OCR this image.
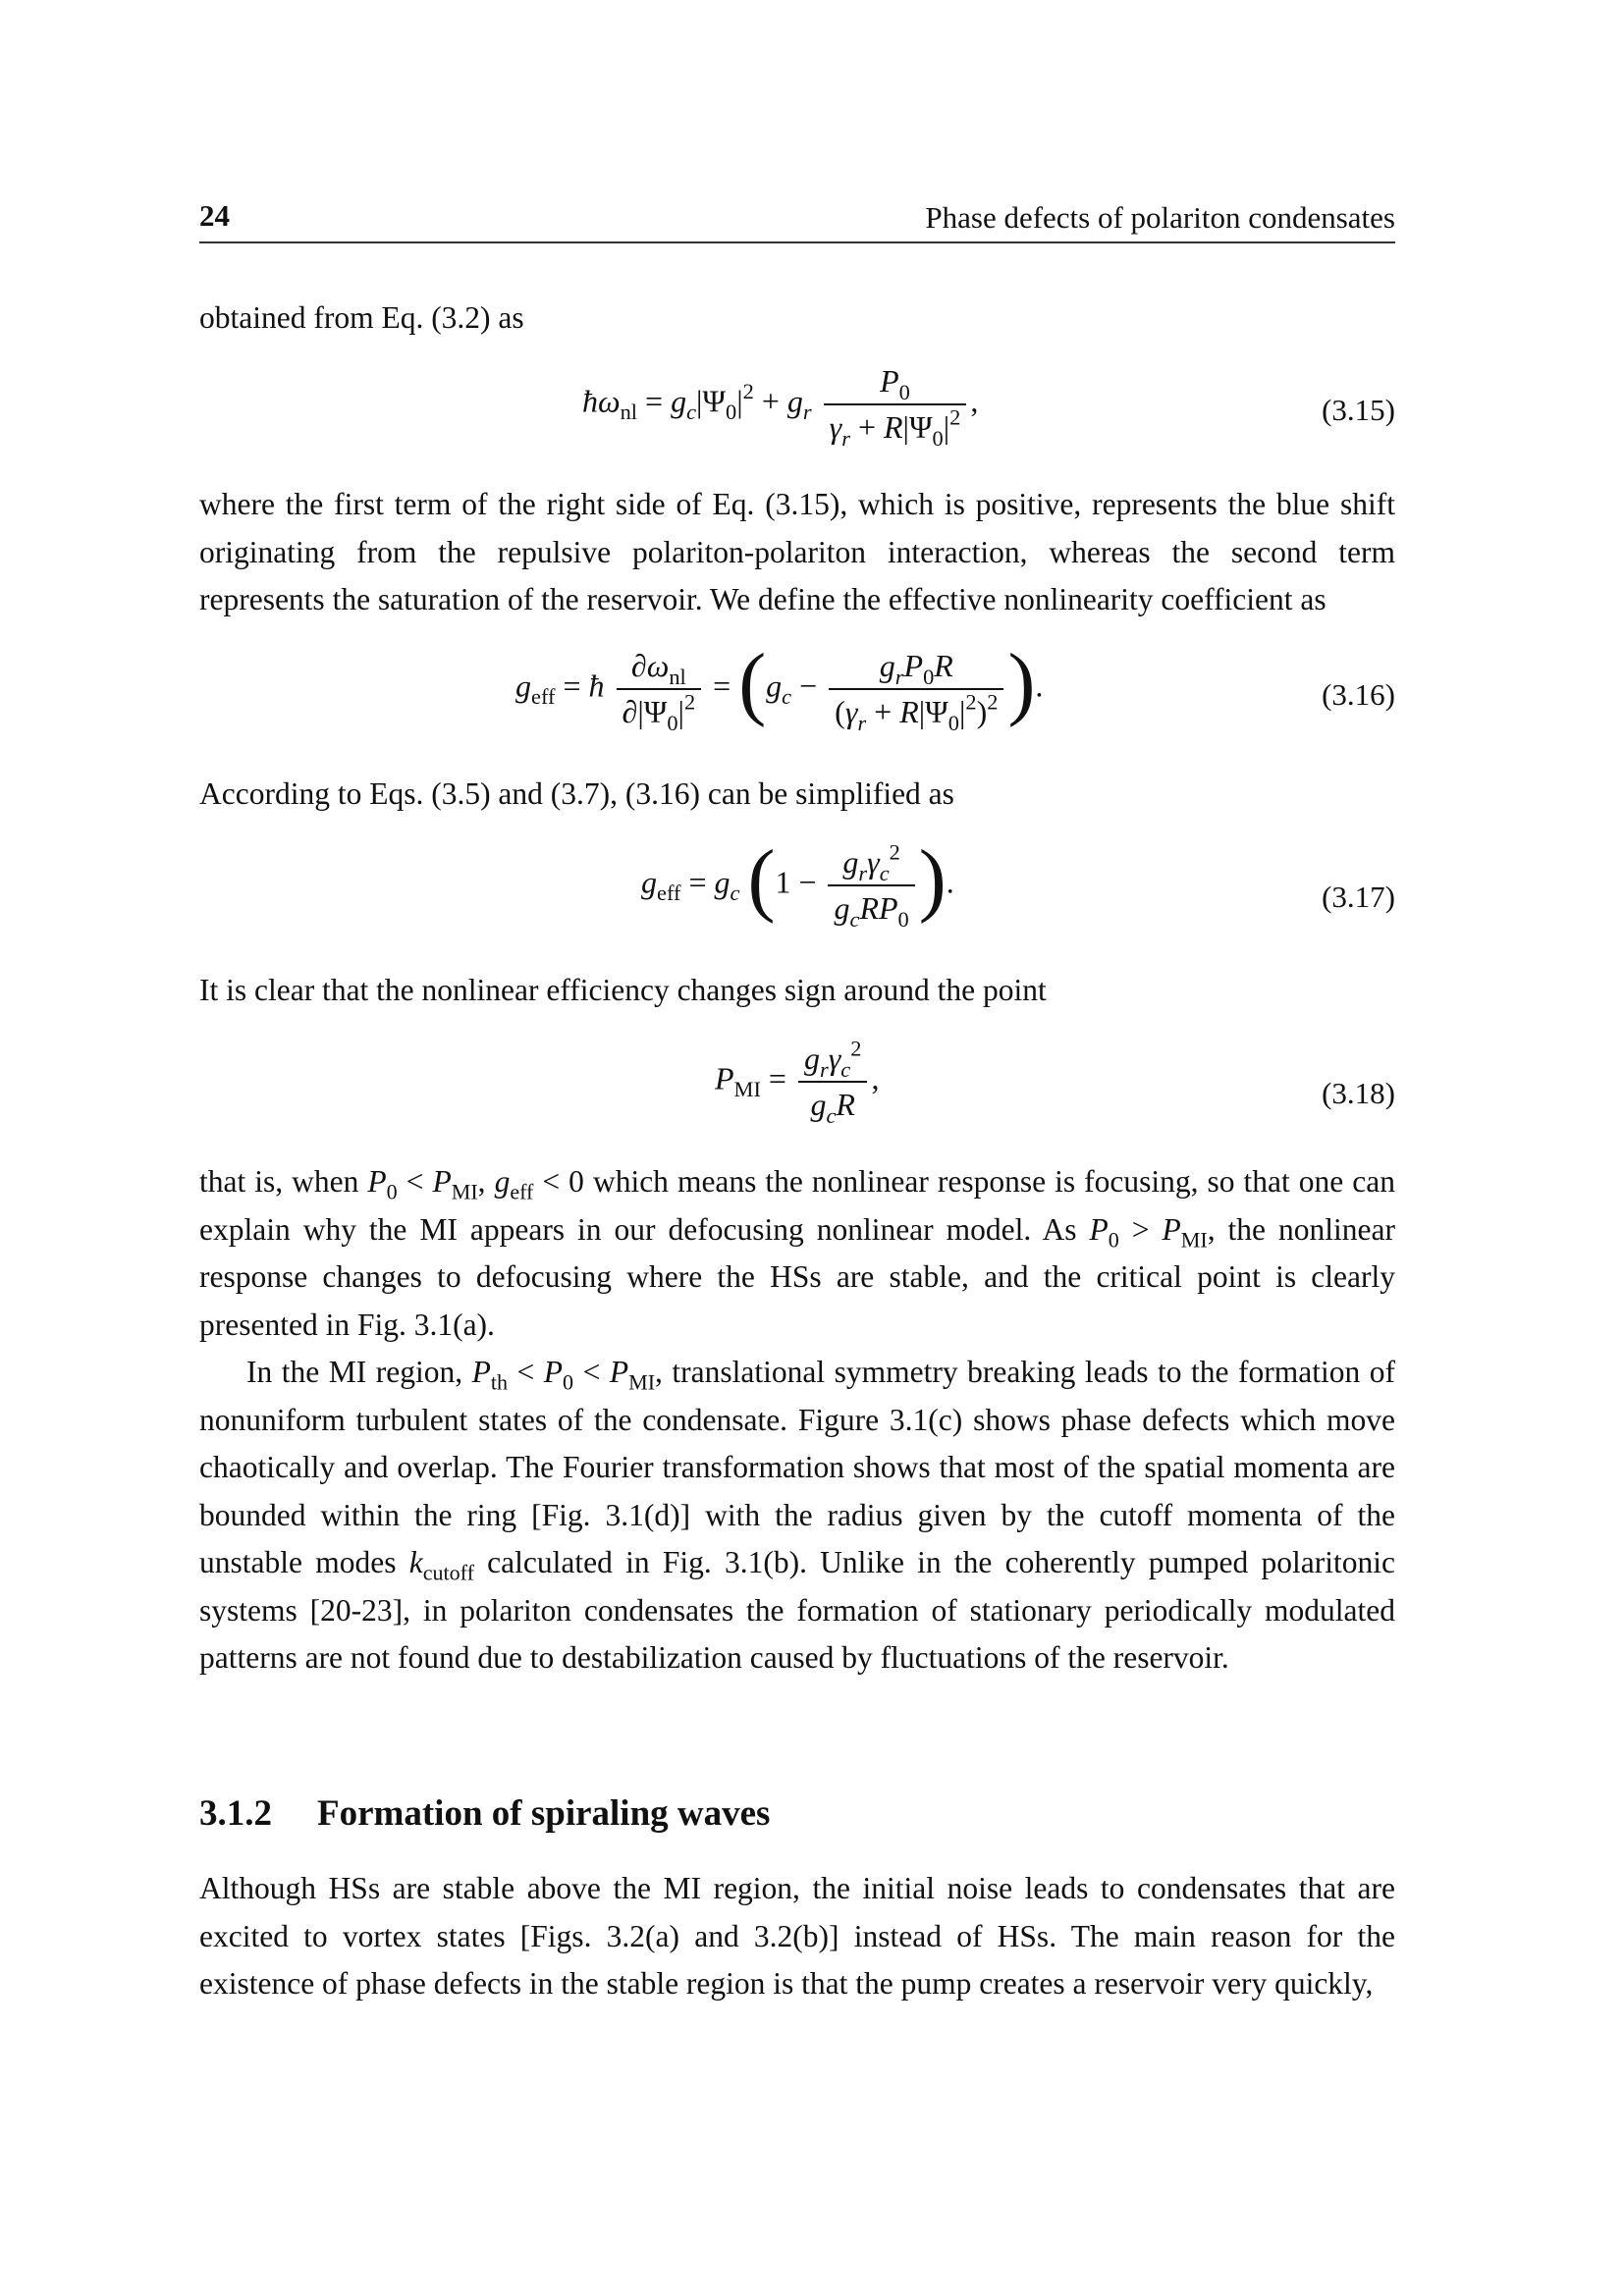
24	Phase defects of polariton condensates
obtained from Eq. (3.2) as
$ħ\omega_{nl} = g_c|\Psi_0|^2 + g_r \frac{P_0}{\gamma_r + R|\Psi_0|^2}$ ,	(3.15)
where the first term of the right side of Eq. (3.15), which is positive, represents the blue shift originating from the repulsive polariton-polariton interaction, whereas the second term represents the saturation of the reservoir. We define the effective nonlinearity coefficient as
$g_{eff}$ = ħ $\frac{\partial\omega_{nl}}{\partial|\Psi_0|^2} = (g_c - \frac{g_rP_0R}{(\gamma_r + R|\Psi_0|^2)^2}$ ).	(3.16)
According to Eqs. (3.5) and (3.7), (3.16) can be simplified as
$g_{eff} = g_c$ ($1 - \frac{g_r\gamma_c^2}{g_cRP_0}$ ).	(3.17)
It is clear that the nonlinear efficiency changes sign around the point
$P_{MI} = \frac{g_r\gamma_c^2}{g_cR}$ ,	(3.18)
that is, when $P_0 < P_{MI}$, $g_{eff} < 0$ which means the nonlinear response is focusing, so that one can explain why the MI appears in our defocusing nonlinear model. As $P_0 > P_{MI}$, the nonlinear response changes to defocusing where the HSs are stable, and the critical point is clearly presented in Fig. 3.1(a).
In the MI region, $P_{th} < P_0 < P_{MI}$, translational symmetry breaking leads to the formation of nonuniform turbulent states of the condensate. Figure 3.1(c) shows phase defects which move chaotically and overlap. The Fourier transformation shows that most of the spatial momenta are bounded within the ring [Fig. 3.1(d)] with the radius given by the cutoff momenta of the unstable modes $k_{cutoff}$ calculated in Fig. 3.1(b). Unlike in the coherently pumped polaritonic systems [20-23], in polariton condensates the formation of stationary periodically modulated patterns are not found due to destabilization caused by fluctuations of the reservoir.
3.1.2 Formation of spiraling waves
Although HSs are stable above the MI region, the initial noise leads to condensates that are excited to vortex states [Figs. 3.2(a) and 3.2(b)] instead of HSs. The main reason for the existence of phase defects in the stable region is that the pump creates a reservoir very quickly,
